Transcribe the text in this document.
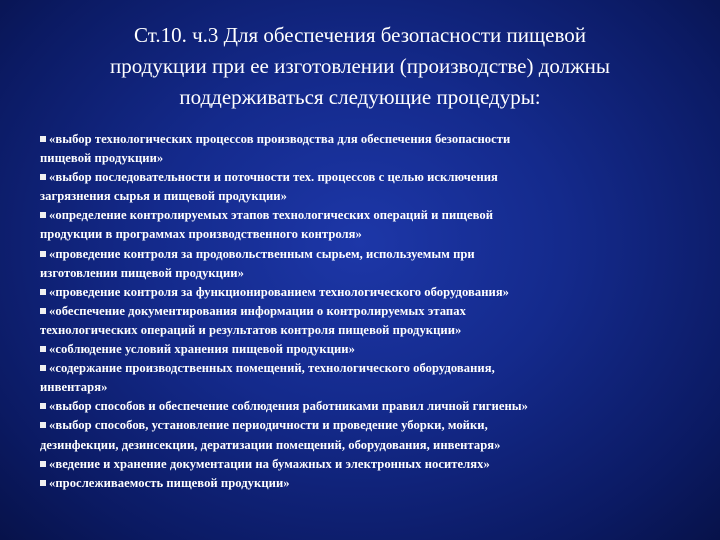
Ст.10. ч.3 Для обеспечения безопасности пищевой
продукции при ее изготовлении (производстве) должны
поддерживаться следующие процедуры:
«выбор технологических процессов производства для обеспечения безопасности
пищевой продукции»
«выбор последовательности и поточности тех. процессов с целью исключения
загрязнения сырья и пищевой продукции»
«определение контролируемых этапов технологических операций и пищевой
продукции в программах производственного контроля»
«проведение контроля за продовольственным сырьем, используемым при
изготовлении пищевой продукции»
«проведение контроля за функционированием технологического оборудования»
«обеспечение документирования информации о контролируемых этапах
технологических операций и результатов контроля пищевой продукции»
«соблюдение условий хранения пищевой продукции»
«содержание производственных помещений, технологического оборудования,
инвентаря»
«выбор способов и обеспечение соблюдения работниками правил личной гигиены»
«выбор способов, установление периодичности и проведение уборки, мойки,
дезинфекции, дезинсекции, дератизации помещений, оборудования, инвентаря»
«ведение и хранение документации на бумажных и электронных носителях»
«прослеживаемость пищевой продукции»
